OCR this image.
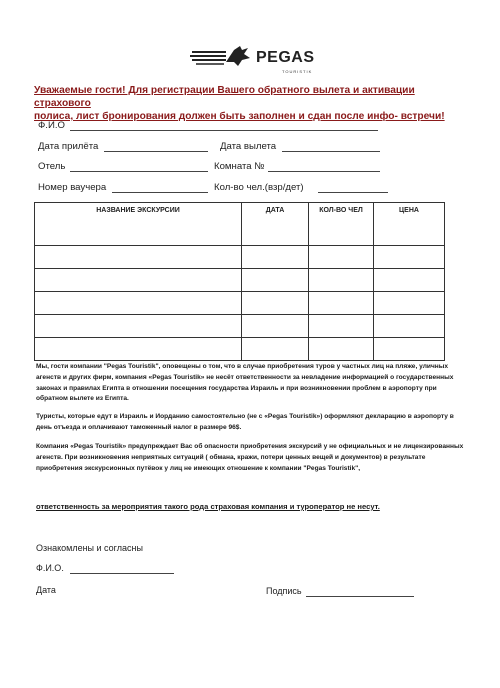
PEGAS
TOURISTIK
Уважаемые гости! Для регистрации Вашего обратного вылета и активации страхового
полиса, лист бронирования должен быть заполнен и сдан после инфо- встречи!
Ф.И.О
Дата прилёта	Дата вылета
Отель	Комната №
Номер ваучера	Кол-во чел.(взр/дет)
НАЗВАНИЕ ЭКСКУРСИИ	ДАТА	КОЛ-ВО ЧЕЛ	ЦЕНА

Мы, гости компании "Pegas Touristik", оповещены о том, что в случае приобретения туров у частных лиц на пляже, уличных агенств и других фирм, компания «Pegas Touristik» не несёт ответственности за невладение информацией о государственных законах и правилах Египта в отношении посещения государства Израиль и при возникновении проблем в аэропорту при обратном вылете из Египта.
Туристы, которые едут в Израиль и Иорданию самостоятельно (не с «Pegas Touristik») оформляют декларацию в аэропорту в день отъезда и оплачивают таможенный налог в размере 96$.
Компания «Pegas Touristik» предупреждает Вас об опасности приобретения экскурсий у не официальных и не лицензированных агенств. При возникновения неприятных ситуаций ( обмана, кражи, потери ценных вещей и документов) в результате приобретения экскурсионных путёвок у лиц не имеющих отношение к компании "Pegas Touristik",
ответственность за мероприятия такого рода страховая компания и туроператор не несут.
Ознакомлены и согласны
Ф.И.О.
Дата	Подпись
